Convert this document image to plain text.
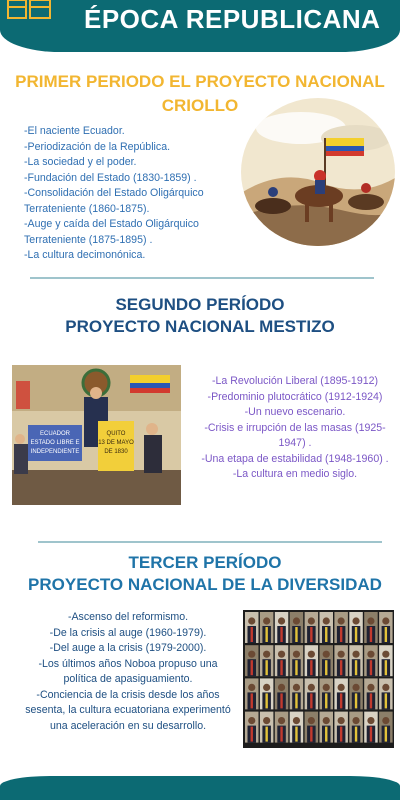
ÉPOCA REPUBLICANA
PRIMER PERIODO EL PROYECTO NACIONAL
CRIOLLO
-El naciente Ecuador.
-Periodización de la República.
-La sociedad y el poder.
-Fundación del Estado (1830-1859) .
-Consolidación del Estado Oligárquico Terrateniente (1860-1875).
-Auge y caída del Estado Oligárquico Terrateniente (1875-1895) .
-La cultura decimonónica.
SEGUNDO PERÍODO
PROYECTO NACIONAL MESTIZO
ECUADOR
ESTADO LIBRE E
INDEPENDIENTE
QUITO
13 DE MAYO
DE 1830
-La Revolución Liberal (1895-1912)
-Predominio plutocrático (1912-1924)
-Un nuevo escenario.
-Crisis e irrupción de las masas (1925-1947) .
-Una etapa de estabilidad (1948-1960) .
-La cultura en medio siglo.
TERCER PERÍODO
PROYECTO NACIONAL DE LA DIVERSIDAD
-Ascenso del reformismo.
-De la crisis al auge (1960-1979).
-Del auge a la crisis (1979-2000).
-Los últimos años Noboa propuso una política de apasiguamiento.
-Conciencia de la crisis desde los años sesenta, la cultura ecuatoriana experimentó una aceleración en su desarrollo.
